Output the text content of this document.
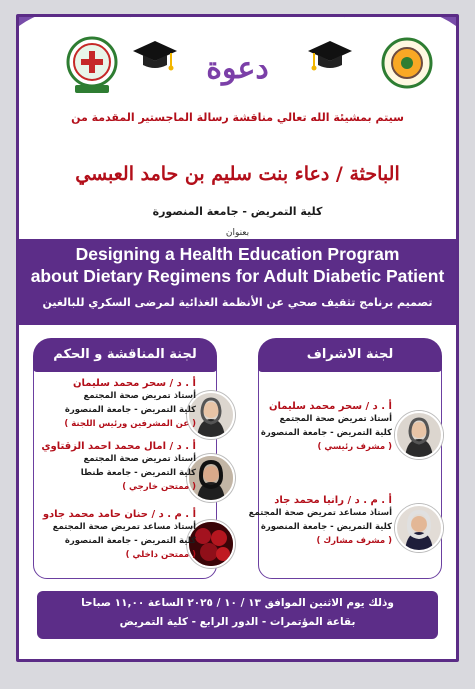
دعوة
سيتم بمشيئة الله تعالي مناقشة رسالة الماجستير المقدمة من
الباحثة / دعاء بنت سليم بن حامد العبسي
كلية التمريض - جامعة المنصورة
بعنوان
Designing a Health Education Program
about Dietary Regimens for Adult Diabetic Patient
تصميم برنامج تثقيف صحي عن الأنظمة الغذائية لمرضى السكري للبالغين
لجنة المناقشة و الحكم	لجنة الاشراف
أ . د / سحر محمد سليمان
أستاذ تمريض صحة المجتمع
كلية التمريض - جامعة المنصورة
( عن المشرفين ورئيس اللجنة )
أ . د / امال محمد احمد الزقتاوي
أستاذ تمريض صحة المجتمع
كلية التمريض - جامعة طنطا
( ممتحن خارجي )
أ . م . د / حنان حامد محمد جادو
أستاذ مساعد تمريض صحة المجتمع
كلية التمريض - جامعة المنصورة
( ممتحن داخلي )
أ . د / سحر محمد سليمان
أستاذ تمريض صحة المجتمع
كلية التمريض - جامعة المنصورة
( مشرف رئيسي )
أ . م . د / رانيا محمد جاد
أستاذ مساعد تمريض صحة المجتمع
كلية التمريض - جامعة المنصورة
( مشرف مشارك )
وذلك يوم الاثنين الموافق ١٣ / ١٠ / ٢٠٢٥ الساعة ١١,٠٠ صباحا
بقاعة المؤتمرات - الدور الرابع - كلية التمريض
